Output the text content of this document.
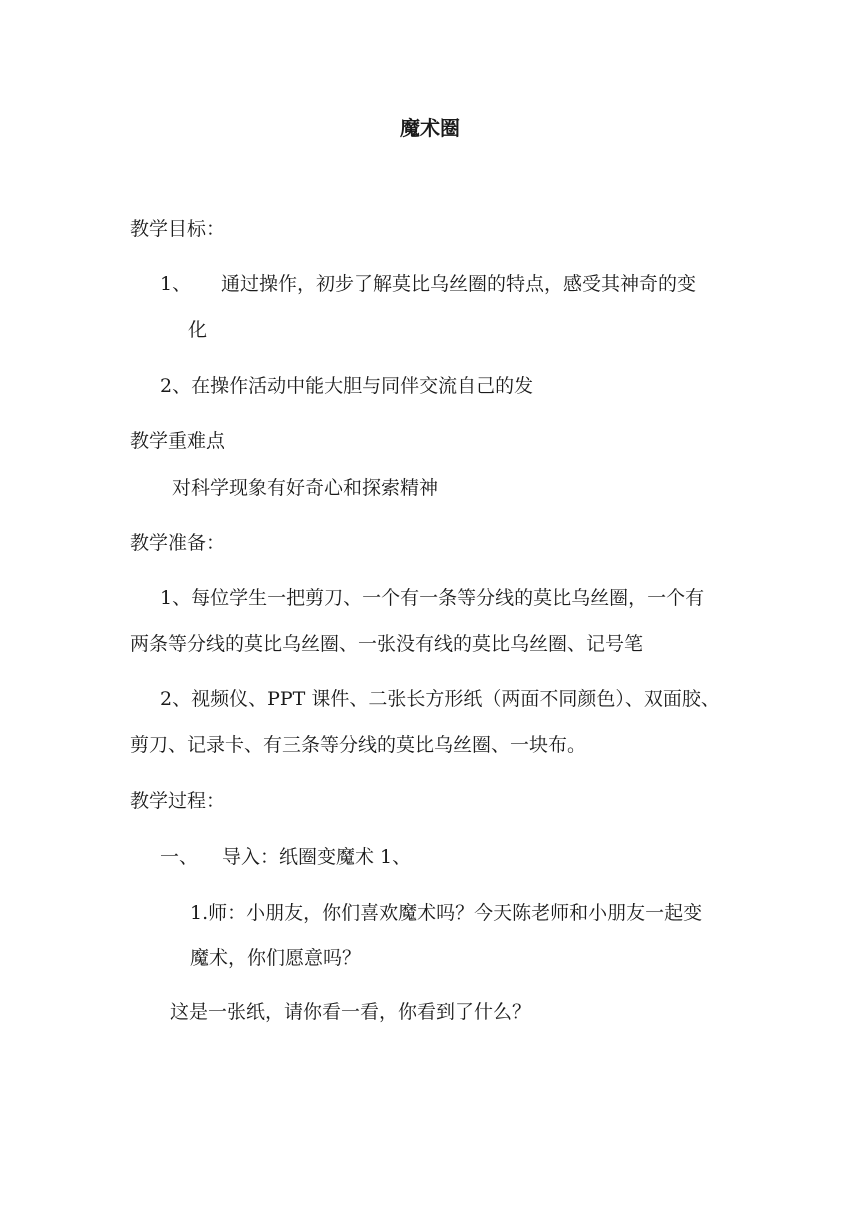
魔术圈
教学目标：
1、 通过操作，初步了解莫比乌丝圈的特点，感受其神奇的变
化
2、在操作活动中能大胆与同伴交流自己的发
教学重难点
对科学现象有好奇心和探索精神
教学准备：
1、每位学生一把剪刀、一个有一条等分线的莫比乌丝圈，一个有
两条等分线的莫比乌丝圈、一张没有线的莫比乌丝圈、记号笔
2、视频仪、PPT 课件、二张长方形纸（两面不同颜色）、双面胶、
剪刀、记录卡、有三条等分线的莫比乌丝圈、一块布。
教学过程：
一、 导入：纸圈变魔术 1、
1.师：小朋友，你们喜欢魔术吗？今天陈老师和小朋友一起变
魔术，你们愿意吗？
这是一张纸，请你看一看，你看到了什么？
